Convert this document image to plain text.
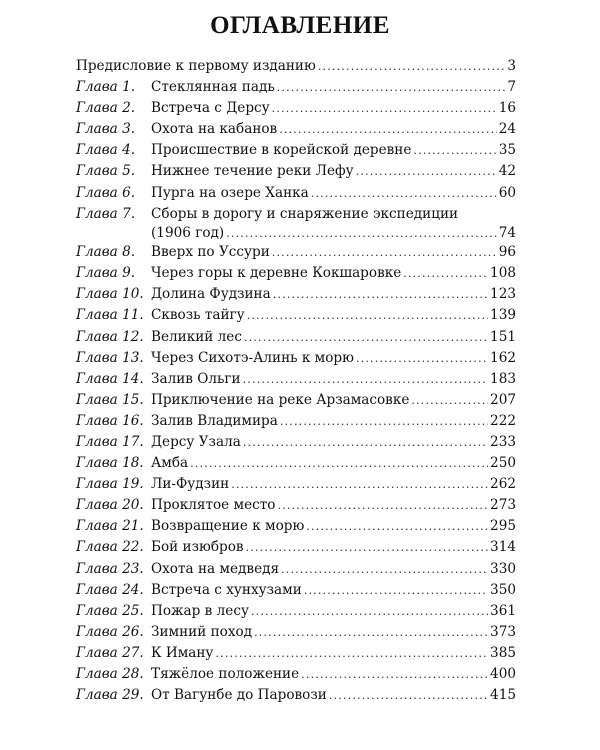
ОГЛАВЛЕНИЕ
Предисловие к первому изданию .....	3
Глава 1.	Стеклянная падь .....	7
Глава 2.	Встреча с Дерсу .....	16
Глава 3.	Охота на кабанов .....	24
Глава 4.	Происшествие в корейской деревне .....	35
Глава 5.	Нижнее течение реки Лефу .....	42
Глава 6.	Пурга на озере Ханка .....	60
Глава 7.	Сборы в дорогу и снаряжение экспедиции
(1906 год) .....	74
Глава 8.	Вверх по Уссури .....	96
Глава 9.	Через горы к деревне Кокшаровке .....	108
Глава 10. Долина Фудзина .....	123
Глава 11. Сквозь тайгу .....	139
Глава 12. Великий лес .....	151
Глава 13. Через Сихотэ-Алинь к морю .....	162
Глава 14. Залив Ольги .....	183
Глава 15. Приключение на реке Арзамасовке .....	207
Глава 16. Залив Владимира .....	222
Глава 17. Дерсу Узала .....	233
Глава 18. Амба .....	250
Глава 19. Ли-Фудзин .....	262
Глава 20. Проклятое место .....	273
Глава 21. Возвращение к морю .....	295
Глава 22. Бой изюбров .....	314
Глава 23. Охота на медведя .....	330
Глава 24. Встреча с хунхузами .....	350
Глава 25. Пожар в лесу .....	361
Глава 26. Зимний поход .....	373
Глава 27. К Иману .....	385
Глава 28. Тяжёлое положение .....	400
Глава 29. От Вагунбе до Паровози .....	415
